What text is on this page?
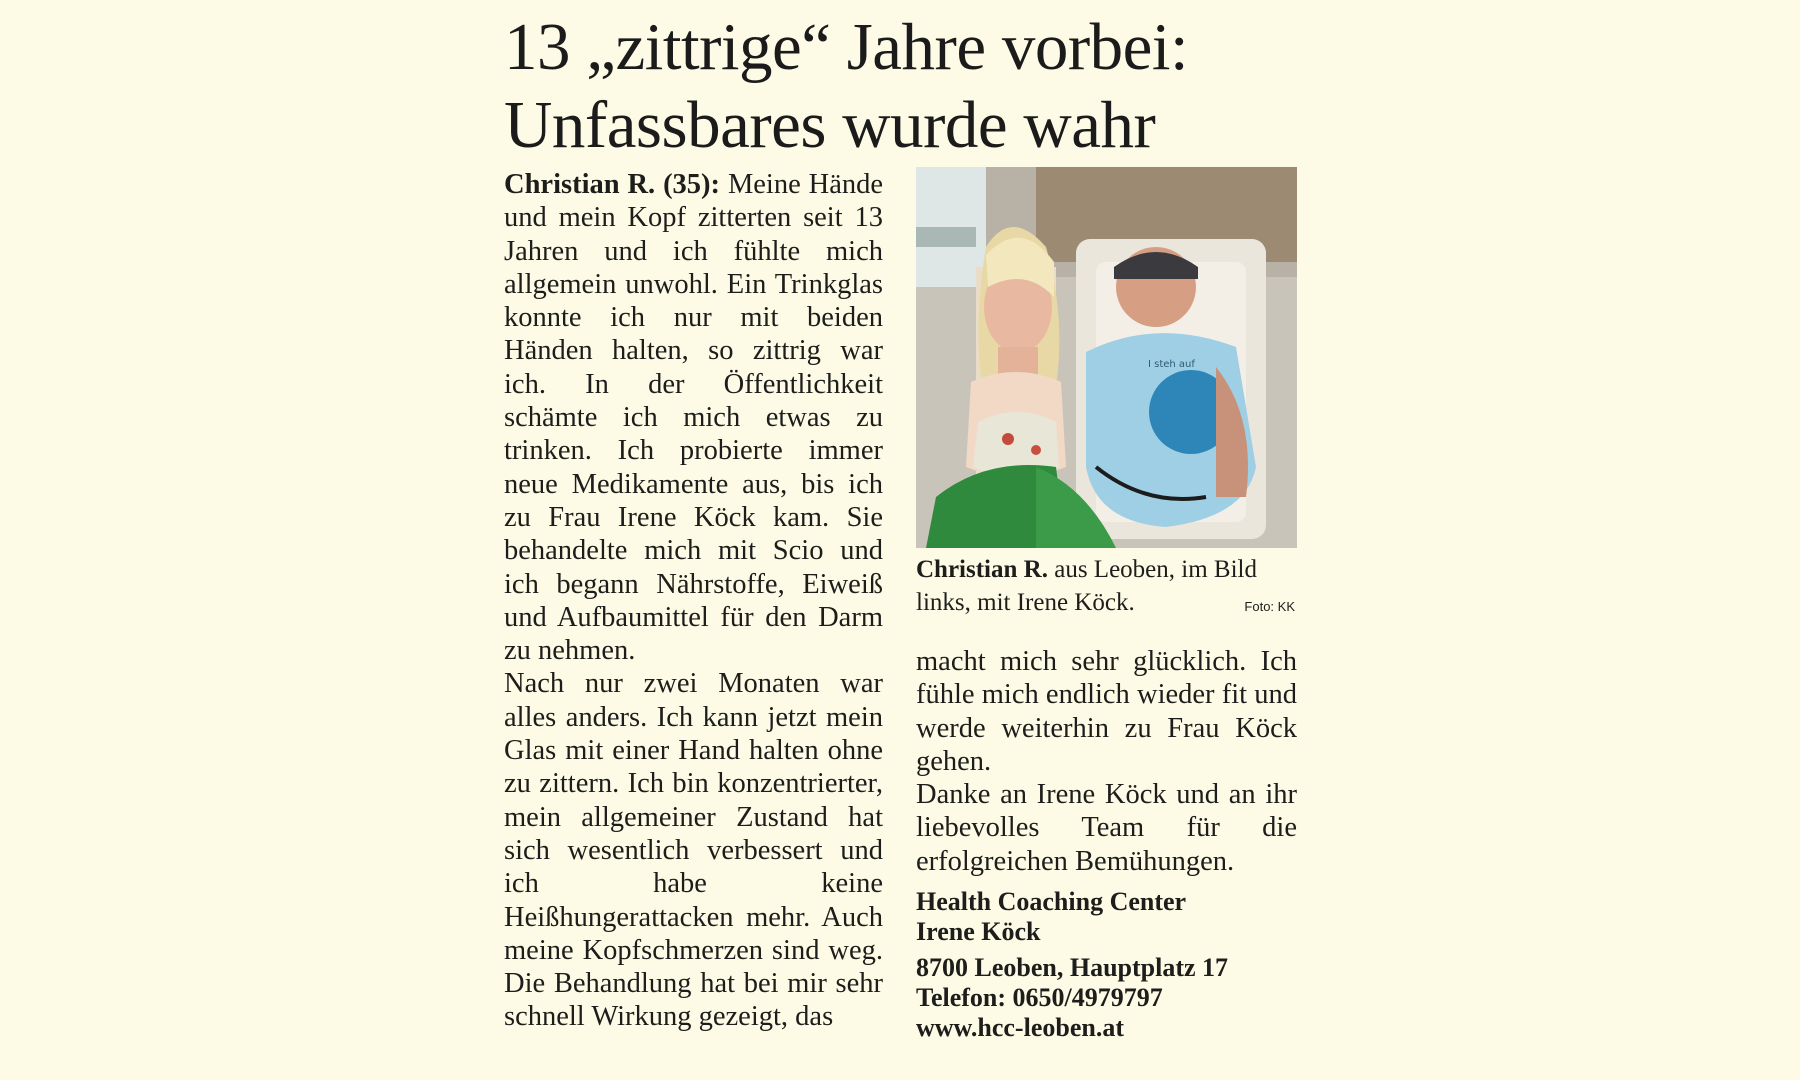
13 „zittrige“ Jahre vorbei:
Unfassbares wurde wahr

Christian R. (35): Meine Hände und mein Kopf zitterten seit 13 Jahren und ich fühlte mich allgemein unwohl. Ein Trinkglas konnte ich nur mit beiden Händen halten, so zittrig war ich. In der Öffentlichkeit schämte ich mich etwas zu trinken. Ich probierte immer neue Medikamente aus, bis ich zu Frau Irene Köck kam. Sie behandelte mich mit Scio und ich begann Nährstoffe, Eiweiß und Aufbaumittel für den Darm zu nehmen.

Nach nur zwei Monaten war alles anders. Ich kann jetzt mein Glas mit einer Hand halten ohne zu zittern. Ich bin konzentrierter, mein allgemeiner Zustand hat sich wesentlich verbessert und ich habe keine Heißhungerattacken mehr. Auch meine Kopfschmerzen sind weg. Die Behandlung hat bei mir sehr schnell Wirkung gezeigt, das

I steh auf
Christian R. aus Leoben, im Bild links, mit Irene Köck.	Foto: KK

macht mich sehr glücklich. Ich fühle mich endlich wieder fit und werde weiterhin zu Frau Köck gehen.

Danke an Irene Köck und an ihr liebevolles Team für die erfolgreichen Bemühungen.

Health Coaching Center
Irene Köck
8700 Leoben, Hauptplatz 17
Telefon: 0650/4979797
www.hcc-leoben.at
